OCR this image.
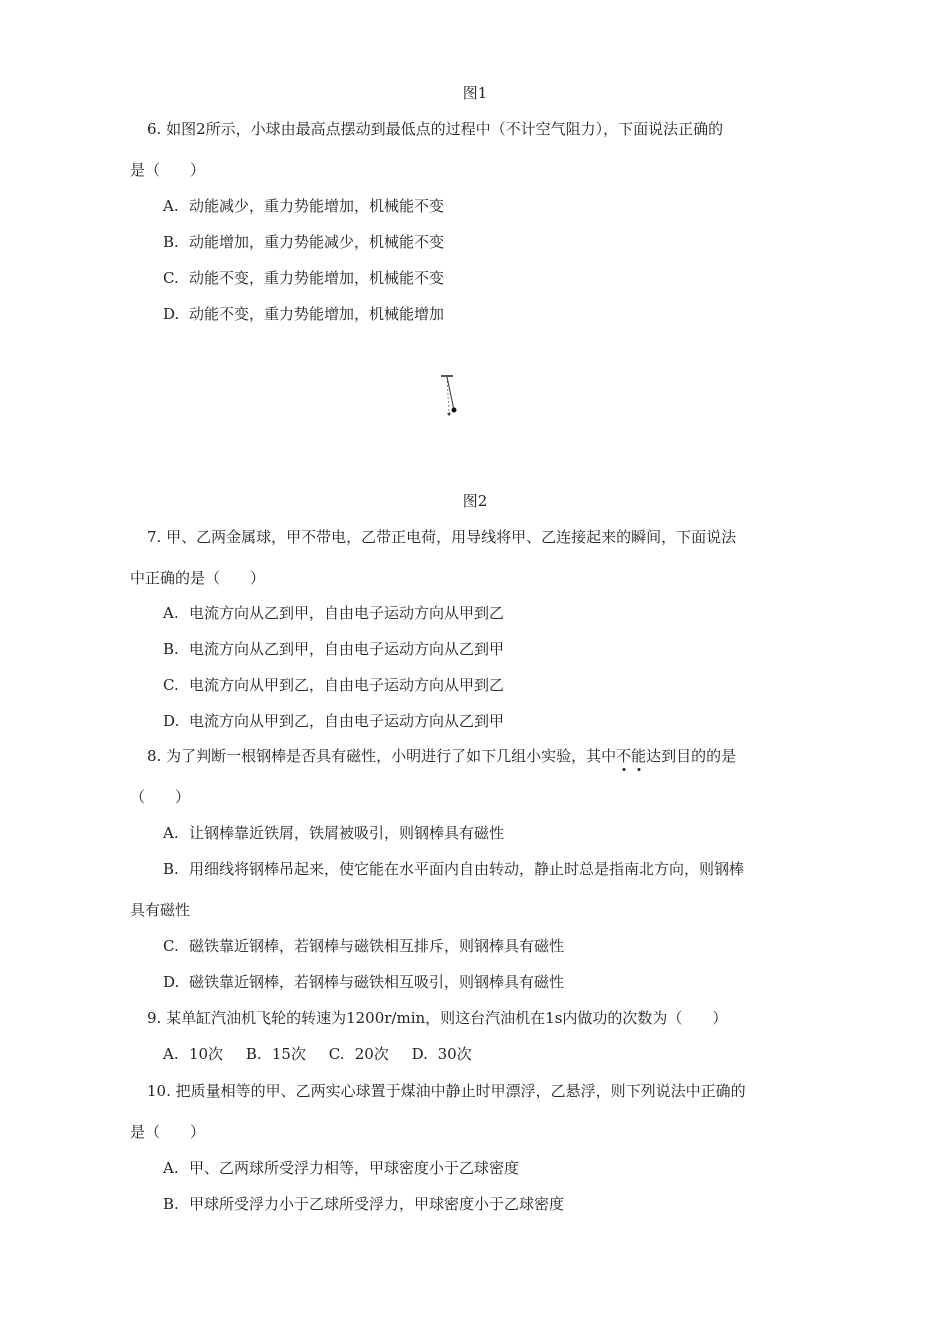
图1
6. 如图2所示，小球由最高点摆动到最低点的过程中（不计空气阻力），下面说法正确的
是（　　）
A. 动能减少，重力势能增加，机械能不变
B. 动能增加，重力势能减少，机械能不变
C. 动能不变，重力势能增加，机械能不变
D. 动能不变，重力势能增加，机械能增加
图2
7. 甲、乙两金属球，甲不带电，乙带正电荷，用导线将甲、乙连接起来的瞬间，下面说法
中正确的是（　　）
A. 电流方向从乙到甲，自由电子运动方向从甲到乙
B. 电流方向从乙到甲，自由电子运动方向从乙到甲
C. 电流方向从甲到乙，自由电子运动方向从甲到乙
D. 电流方向从甲到乙，自由电子运动方向从乙到甲
8. 为了判断一根钢棒是否具有磁性，小明进行了如下几组小实验，其中不能达到目的的是
（　　）
A. 让钢棒靠近铁屑，铁屑被吸引，则钢棒具有磁性
B. 用细线将钢棒吊起来，使它能在水平面内自由转动，静止时总是指南北方向，则钢棒
具有磁性
C. 磁铁靠近钢棒，若钢棒与磁铁相互排斥，则钢棒具有磁性
D. 磁铁靠近钢棒，若钢棒与磁铁相互吸引，则钢棒具有磁性
9. 某单缸汽油机飞轮的转速为1200r/min，则这台汽油机在1s内做功的次数为（　　）
A. 10次 B. 15次 C. 20次 D. 30次
10. 把质量相等的甲、乙两实心球置于煤油中静止时甲漂浮，乙悬浮，则下列说法中正确的
是（　　）
A. 甲、乙两球所受浮力相等，甲球密度小于乙球密度
B. 甲球所受浮力小于乙球所受浮力，甲球密度小于乙球密度
